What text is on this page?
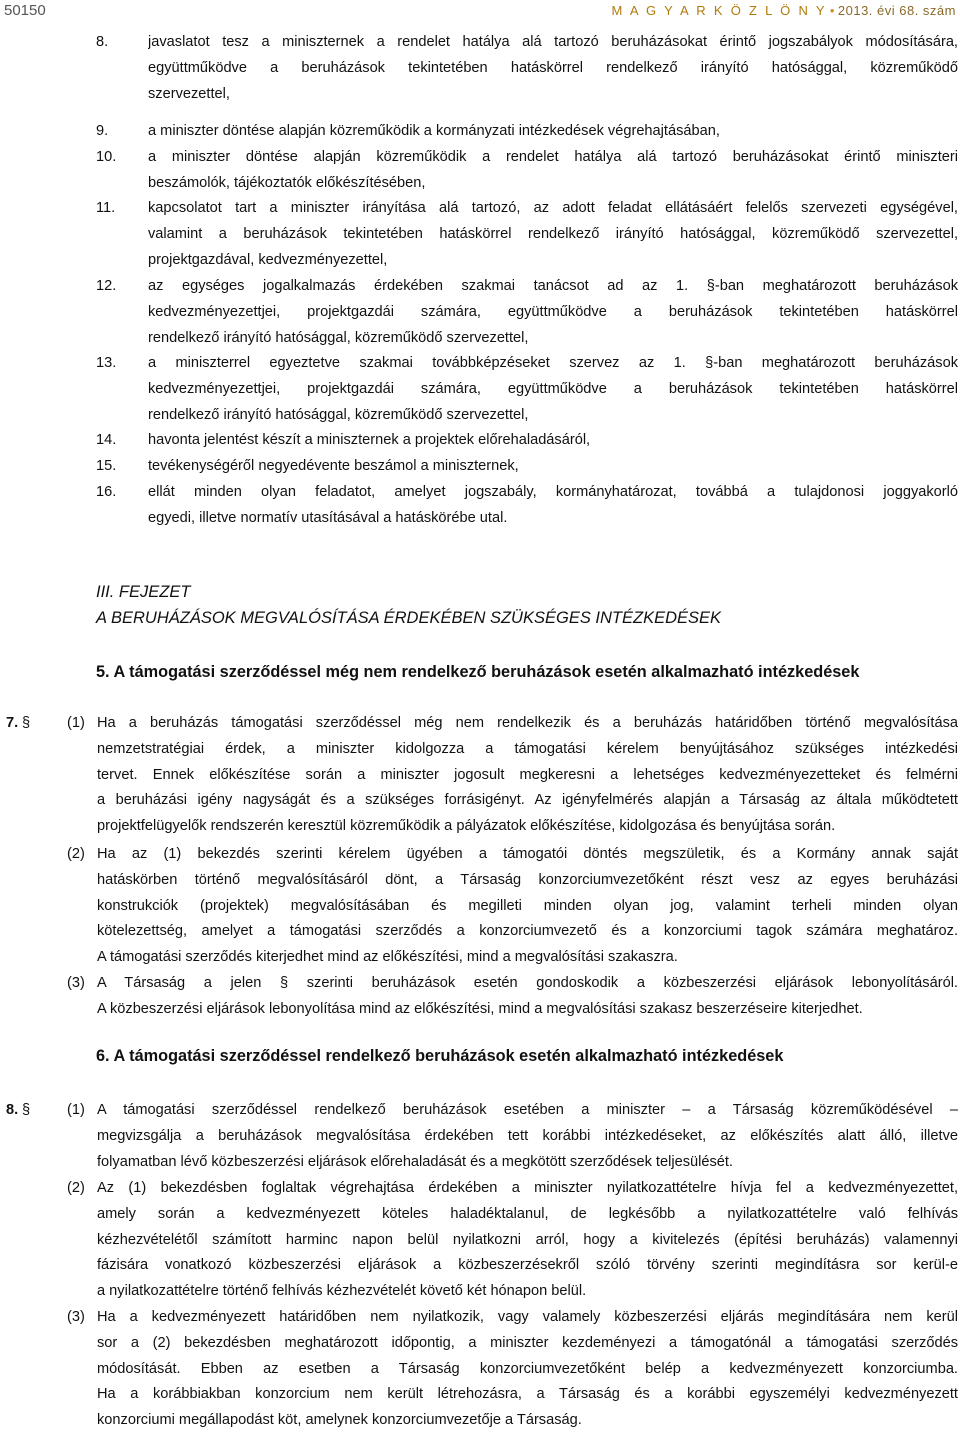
50150	M A G Y A R K Ö Z L Ö N Y • 2013. évi 68. szám
8.	javaslatot tesz a miniszternek a rendelet hatálya alá tartozó beruházásokat érintő jogszabályok módosítására,
együttműködve a beruházások tekintetében hatáskörrel rendelkező irányító hatósággal, közreműködő
szervezettel,
9.	a miniszter döntése alapján közreműködik a kormányzati intézkedések végrehajtásában,
10.	a miniszter döntése alapján közreműködik a rendelet hatálya alá tartozó beruházásokat érintő miniszteri
beszámolók, tájékoztatók előkészítésében,
11.	kapcsolatot tart a miniszter irányítása alá tartozó, az adott feladat ellátásáért felelős szervezeti egységével,
valamint a beruházások tekintetében hatáskörrel rendelkező irányító hatósággal, közreműködő szervezettel,
projektgazdával, kedvezményezettel,
12.	az egységes jogalkalmazás érdekében szakmai tanácsot ad az 1. §-ban meghatározott beruházások
kedvezményezettjei, projektgazdái számára, együttműködve a beruházások tekintetében hatáskörrel
rendelkező irányító hatósággal, közreműködő szervezettel,
13.	a miniszterrel egyeztetve szakmai továbbképzéseket szervez az 1. §-ban meghatározott beruházások
kedvezményezettjei, projektgazdái számára, együttműködve a beruházások tekintetében hatáskörrel
rendelkező irányító hatósággal, közreműködő szervezettel,
14.	havonta jelentést készít a miniszternek a projektek előrehaladásáról,
15.	tevékenységéről negyedévente beszámol a miniszternek,
16.	ellát minden olyan feladatot, amelyet jogszabály, kormányhatározat, továbbá a tulajdonosi joggyakorló
egyedi, illetve normatív utasításával a hatáskörébe utal.
III. FEJEZET
A BERUHÁZÁSOK MEGVALÓSÍTÁSA ÉRDEKÉBEN SZÜKSÉGES INTÉZKEDÉSEK
5. A támogatási szerződéssel még nem rendelkező beruházások esetén alkalmazható intézkedések
7. §	(1) Ha a beruházás támogatási szerződéssel még nem rendelkezik és a beruházás határidőben történő megvalósítása
nemzetstratégiai érdek, a miniszter kidolgozza a támogatási kérelem benyújtásához szükséges intézkedési
tervet. Ennek előkészítése során a miniszter jogosult megkeresni a lehetséges kedvezményezetteket és felmérni
a beruházási igény nagyságát és a szükséges forrásigényt. Az igényfelmérés alapján a Társaság az általa működtetett
projektfelügyelők rendszerén keresztül közreműködik a pályázatok előkészítése, kidolgozása és benyújtása során.
(2) Ha az (1) bekezdés szerinti kérelem ügyében a támogatói döntés megszületik, és a Kormány annak saját
hatáskörben történő megvalósításáról dönt, a Társaság konzorciumvezetőként részt vesz az egyes beruházási
konstrukciók (projektek) megvalósításában és megilleti minden olyan jog, valamint terheli minden olyan
kötelezettség, amelyet a támogatási szerződés a konzorciumvezető és a konzorciumi tagok számára meghatároz.
A támogatási szerződés kiterjedhet mind az előkészítési, mind a megvalósítási szakaszra.
(3) A Társaság a jelen § szerinti beruházások esetén gondoskodik a közbeszerzési eljárások lebonyolításáról.
A közbeszerzési eljárások lebonyolítása mind az előkészítési, mind a megvalósítási szakasz beszerzéseire kiterjedhet.
6. A támogatási szerződéssel rendelkező beruházások esetén alkalmazható intézkedések
8. §	(1) A támogatási szerződéssel rendelkező beruházások esetében a miniszter – a Társaság közreműködésével –
megvizsgálja a beruházások megvalósítása érdekében tett korábbi intézkedéseket, az előkészítés alatt álló, illetve
folyamatban lévő közbeszerzési eljárások előrehaladását és a megkötött szerződések teljesülését.
(2) Az (1) bekezdésben foglaltak végrehajtása érdekében a miniszter nyilatkozattételre hívja fel a kedvezményezettet,
amely során a kedvezményezett köteles haladéktalanul, de legkésőbb a nyilatkozattételre való felhívás
kézhezvételétől számított harminc napon belül nyilatkozni arról, hogy a kivitelezés (építési beruházás) valamennyi
fázisára vonatkozó közbeszerzési eljárások a közbeszerzésekről szóló törvény szerinti megindításra sor kerül-e
a nyilatkozattételre történő felhívás kézhezvételét követő két hónapon belül.
(3) Ha a kedvezményezett határidőben nem nyilatkozik, vagy valamely közbeszerzési eljárás megindítására nem kerül
sor a (2) bekezdésben meghatározott időpontig, a miniszter kezdeményezi a támogatónál a támogatási szerződés
módosítását. Ebben az esetben a Társaság konzorciumvezetőként belép a kedvezményezett konzorciumba.
Ha a korábbiakban konzorcium nem került létrehozásra, a Társaság és a korábbi egyszemélyi kedvezményezett
konzorciumi megállapodást köt, amelynek konzorciumvezetője a Társaság.
